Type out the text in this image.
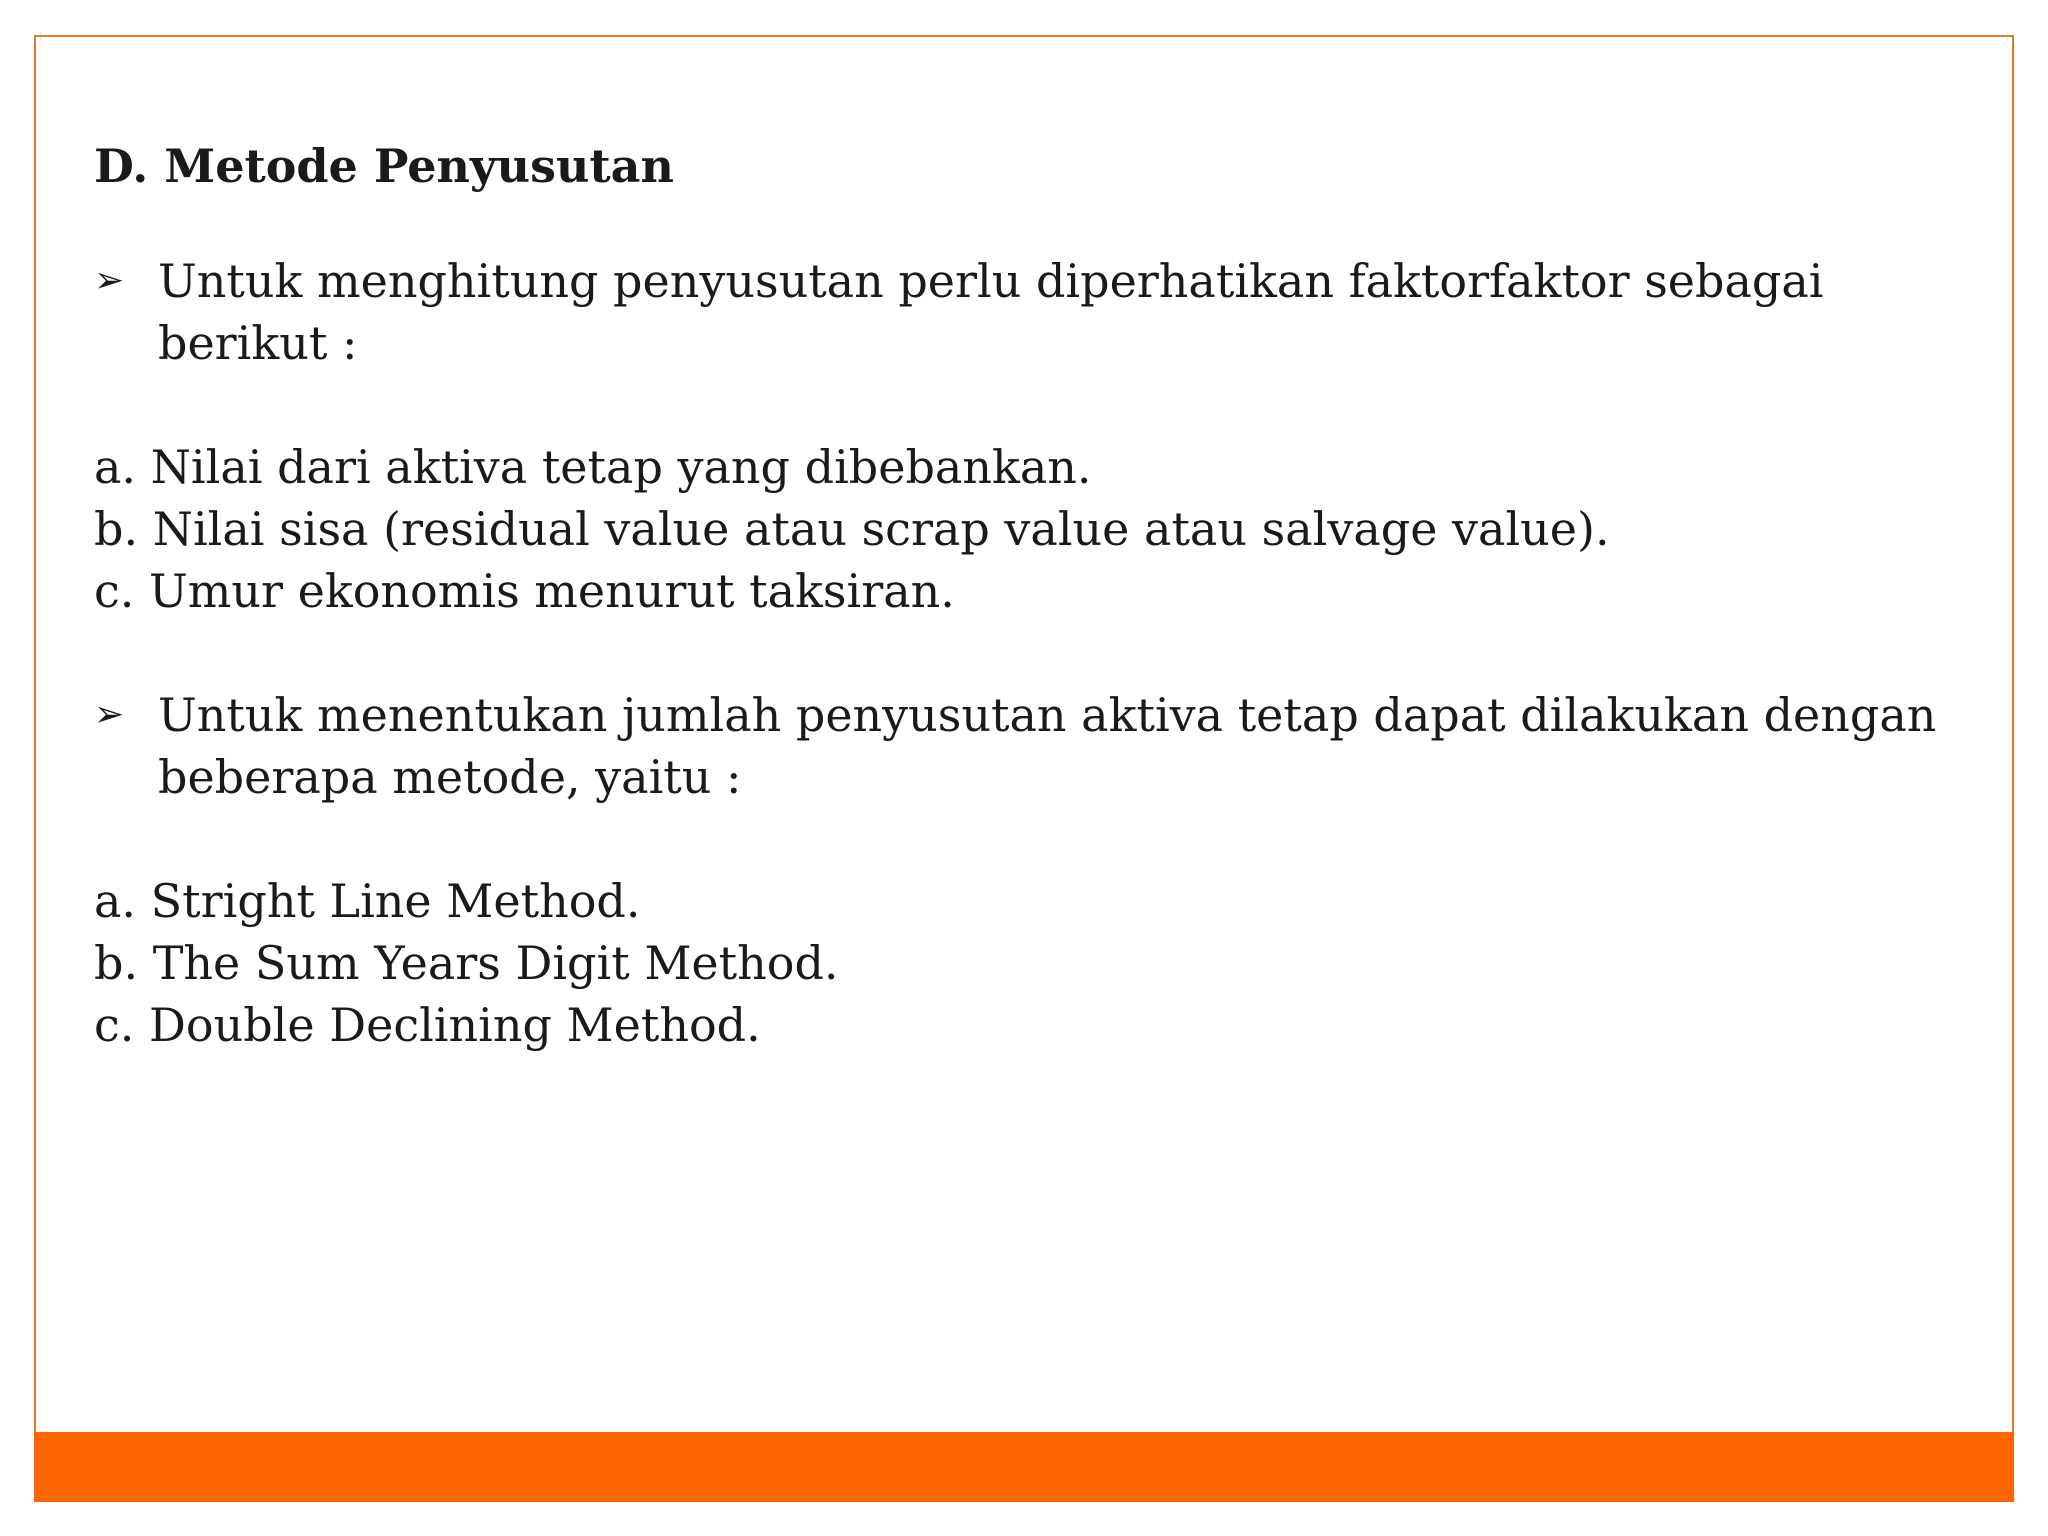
D. Metode Penyusutan

➢ Untuk menghitung penyusutan perlu diperhatikan faktorfaktor sebagai berikut :

a. Nilai dari aktiva tetap yang dibebankan.

b. Nilai sisa (residual value atau scrap value atau salvage value).

c. Umur ekonomis menurut taksiran.

➢ Untuk menentukan jumlah penyusutan aktiva tetap dapat dilakukan dengan beberapa metode, yaitu :

a. Stright Line Method.

b. The Sum Years Digit Method.

c. Double Declining Method.
